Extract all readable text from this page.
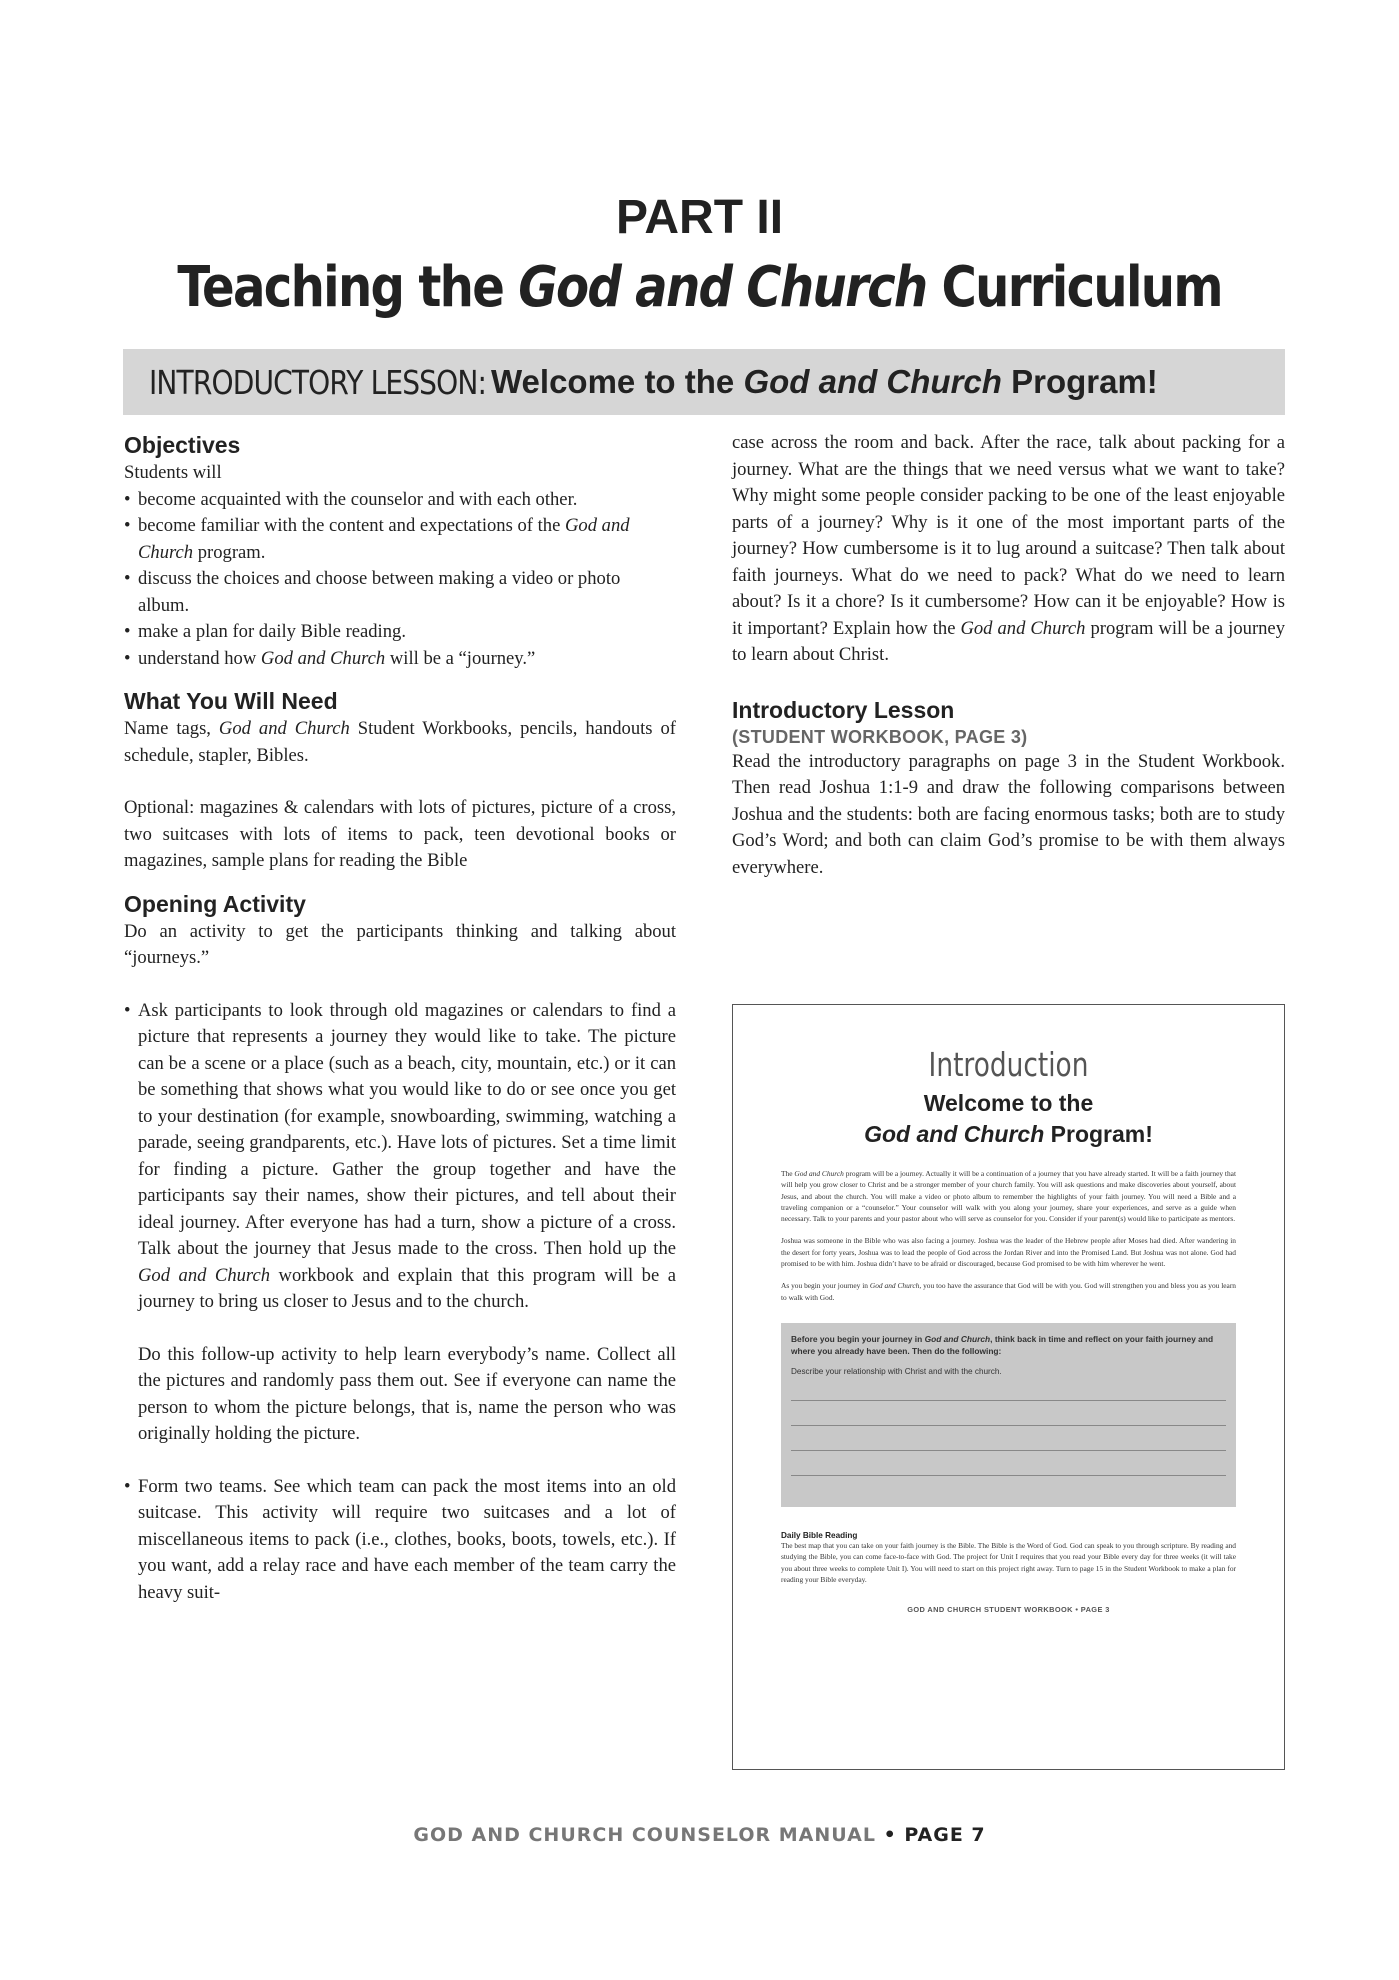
PART II
Teaching the God and Church Curriculum
INTRODUCTORY LESSON: Welcome to the God and Church Program!
Objectives

Students will

• become acquainted with the counselor and with each other.
• become familiar with the content and expectations of the God and Church program.
• discuss the choices and choose between making a video or photo album.
• make a plan for daily Bible reading.
• understand how God and Church will be a “journey.”
What You Will Need

Name tags, God and Church Student Workbooks, pencils, handouts of schedule, stapler, Bibles.

Optional: magazines & calendars with lots of pictures, picture of a cross, two suitcases with lots of items to pack, teen devotional books or magazines, sample plans for reading the Bible

Opening Activity

Do an activity to get the participants thinking and talking about “journeys.”

• Ask participants to look through old magazines or calendars to find a picture that represents a journey they would like to take. The picture can be a scene or a place (such as a beach, city, mountain, etc.) or it can be something that shows what you would like to do or see once you get to your destination (for example, snowboarding, swimming, watching a parade, seeing grandparents, etc.). Have lots of pictures. Set a time limit for finding a picture. Gather the group together and have the participants say their names, show their pictures, and tell about their ideal journey. After everyone has had a turn, show a picture of a cross. Talk about the journey that Jesus made to the cross. Then hold up the God and Church workbook and explain that this program will be a journey to bring us closer to Jesus and to the church.

Do this follow-up activity to help learn everybody’s name. Collect all the pictures and randomly pass them out. See if everyone can name the person to whom the picture belongs, that is, name the person who was originally holding the picture.

• Form two teams. See which team can pack the most items into an old suitcase. This activity will require two suitcases and a lot of miscellaneous items to pack (i.e., clothes, books, boots, towels, etc.). If you want, add a relay race and have each member of the team carry the heavy suit-

case across the room and back. After the race, talk about packing for a journey. What are the things that we need versus what we want to take? Why might some people consider packing to be one of the least enjoyable parts of a journey? Why is it one of the most important parts of the journey? How cumbersome is it to lug around a suitcase? Then talk about faith journeys. What do we need to pack? What do we need to learn about? Is it a chore? Is it cumbersome? How can it be enjoyable? How is it important? Explain how the God and Church program will be a journey to learn about Christ.

Introductory Lesson
(STUDENT WORKBOOK, PAGE 3)

Read the introductory paragraphs on page 3 in the Student Workbook. Then read Joshua 1:1-9 and draw the following comparisons between Joshua and the students: both are facing enormous tasks; both are to study God’s Word; and both can claim God’s promise to be with them always everywhere.

Introduction
Welcome to the
God and Church Program!

The God and Church program will be a journey. Actually it will be a continuation of a journey that you have already started. It will be a faith journey that will help you grow closer to Christ and be a stronger member of your church family. You will ask questions and make discoveries about yourself, about Jesus, and about the church. You will make a video or photo album to remember the highlights of your faith journey. You will need a Bible and a traveling companion or a “counselor.” Your counselor will walk with you along your journey, share your experiences, and serve as a guide when necessary. Talk to your parents and your pastor about who will serve as counselor for you. Consider if your parent(s) would like to participate as mentors.

Joshua was someone in the Bible who was also facing a journey. Joshua was the leader of the Hebrew people after Moses had died. After wandering in the desert for forty years, Joshua was to lead the people of God across the Jordan River and into the Promised Land. But Joshua was not alone. God had promised to be with him. Joshua didn’t have to be afraid or discouraged, because God promised to be with him wherever he went.

As you begin your journey in God and Church, you too have the assurance that God will be with you. God will strengthen you and bless you as you learn to walk with God.

Before you begin your journey in God and Church, think back in time and reflect on your faith journey and where you already have been. Then do the following:
Describe your relationship with Christ and with the church.
Daily Bible Reading

The best map that you can take on your faith journey is the Bible. The Bible is the Word of God. God can speak to you through scripture. By reading and studying the Bible, you can come face-to-face with God. The project for Unit I requires that you read your Bible every day for three weeks (it will take you about three weeks to complete Unit I). You will need to start on this project right away. Turn to page 15 in the Student Workbook to make a plan for reading your Bible everyday.

GOD AND CHURCH STUDENT WORKBOOK • PAGE 3
GOD AND CHURCH COUNSELOR MANUAL • PAGE 7
